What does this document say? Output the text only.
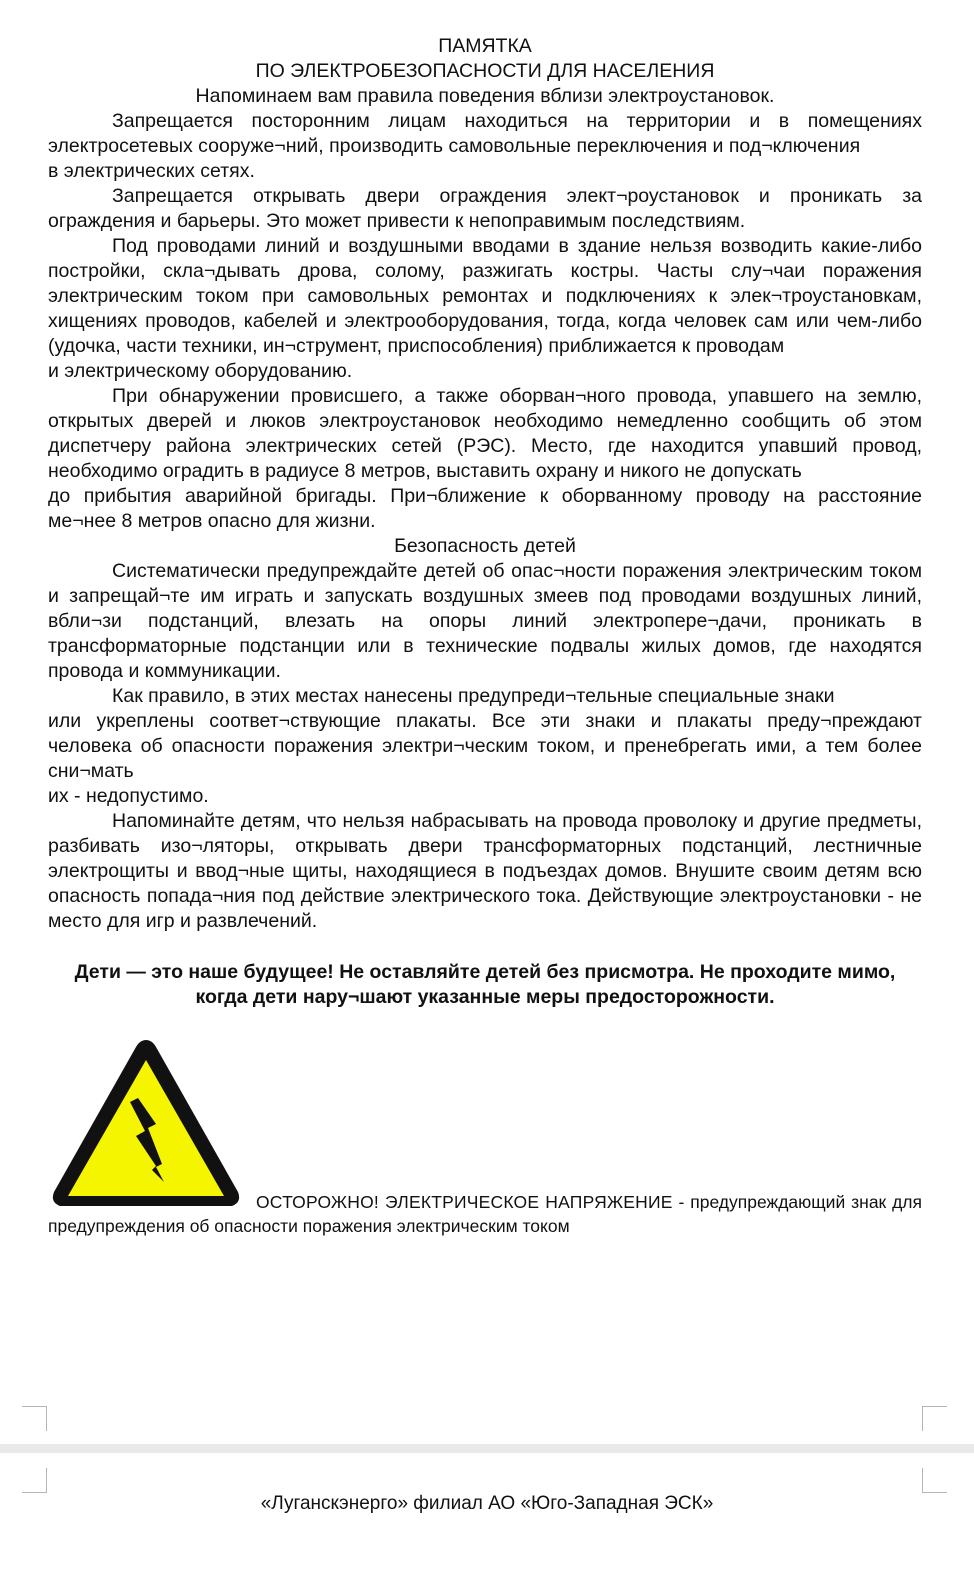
ПАМЯТКА
ПО ЭЛЕКТРОБЕЗОПАСНОСТИ ДЛЯ НАСЕЛЕНИЯ
Напоминаем вам правила поведения вблизи электроустановок.

Запрещается посторонним лицам находиться на территории и в помещениях электросетевых сооруже¬ний, производить самовольные переключения и под¬ключения

в электрических сетях.

Запрещается открывать двери ограждения элект¬роустановок и проникать за ограждения и барьеры. Это может привести к непоправимым последствиям.

Под проводами линий и воздушными вводами в здание нельзя возводить какие-либо постройки, скла¬дывать дрова, солому, разжигать костры. Часты слу¬чаи поражения электрическим током при самовольных ремонтах и подключениях к элек¬троустановкам, хищениях проводов, кабелей и электрооборудования, тогда, когда человек сам или чем-либо (удочка, части техники, ин¬струмент, приспособления) приближается к проводам

и электрическому оборудованию.

При обнаружении провисшего, а также оборван¬ного провода, упавшего на землю, открытых дверей и люков электроустановок необходимо немедленно сообщить об этом диспетчеру района электрических сетей (РЭС). Место, где находится упавший провод, необходимо оградить в радиусе 8 метров, выставить охрану и никого не допускать

до прибытия аварийной бригады. При¬ближение к оборванному проводу на расстояние ме¬нее 8 метров опасно для жизни.

Безопасность детей

Систематически предупреждайте детей об опас¬ности поражения электрическим током и запрещай¬те им играть и запускать воздушных змеев под проводами воздушных линий, вбли¬зи подстанций, влезать на опоры линий электропере¬дачи, проникать в трансформаторные подстанции или в технические подвалы жилых домов, где находятся провода и коммуникации.

Как правило, в этих местах нанесены предупреди¬тельные специальные знаки

или укреплены соответ¬ствующие плакаты. Все эти знаки и плакаты преду¬преждают человека об опасности поражения электри¬ческим током, и пренебрегать ими, а тем более сни¬мать

их - недопустимо.

Напоминайте детям, что нельзя набрасывать на провода проволоку и другие предметы, разбивать изо¬ляторы, открывать двери трансформаторных подстанций, лестничные электрощиты и ввод¬ные щиты, находящиеся в подъездах домов. Внушите своим детям всю опасность попада¬ния под действие электрического тока. Действующие электроустановки - не место для игр и развлечений.

Дети — это наше будущее! Не оставляйте детей без присмотра. Не проходите мимо, когда дети нару¬шают указанные меры предосторожности.
ОСТОРОЖНО! ЭЛЕКТРИЧЕСКОЕ НАПРЯЖЕНИЕ - предупреждающий знак для предупреждения об опасности поражения электрическим током
«Луганскэнерго» филиал АО «Юго-Западная ЭСК»
